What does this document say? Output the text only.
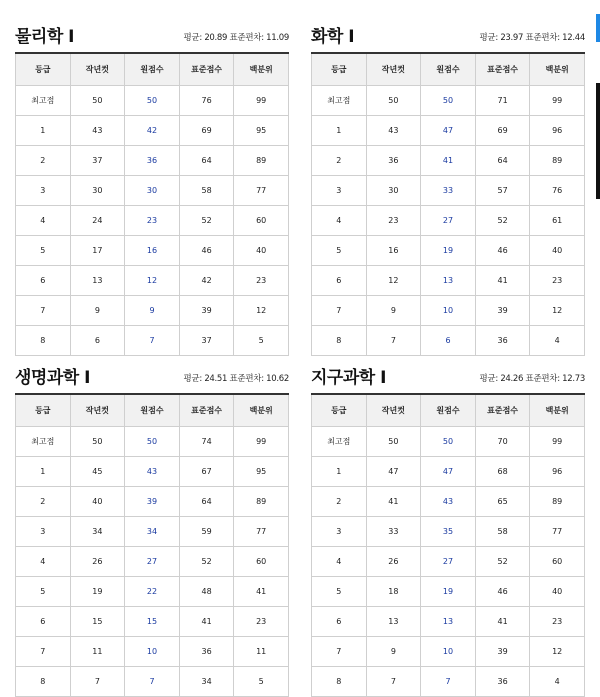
물리학 Ⅰ	평균: 20.89 표준편차: 11.09
등급	작년컷	원점수	표준점수	백분위
최고점	50	50	76	99
1	43	42	69	95
2	37	36	64	89
3	30	30	58	77
4	24	23	52	60
5	17	16	46	40
6	13	12	42	23
7	9	9	39	12
8	6	7	37	5
화학 Ⅰ	평균: 23.97 표준편차: 12.44
등급	작년컷	원점수	표준점수	백분위
최고점	50	50	71	99
1	43	47	69	96
2	36	41	64	89
3	30	33	57	76
4	23	27	52	61
5	16	19	46	40
6	12	13	41	23
7	9	10	39	12
8	7	6	36	4
생명과학 Ⅰ	평균: 24.51 표준편차: 10.62
등급	작년컷	원점수	표준점수	백분위
최고점	50	50	74	99
1	45	43	67	95
2	40	39	64	89
3	34	34	59	77
4	26	27	52	60
5	19	22	48	41
6	15	15	41	23
7	11	10	36	11
8	7	7	34	5
지구과학 Ⅰ	평균: 24.26 표준편차: 12.73
등급	작년컷	원점수	표준점수	백분위
최고점	50	50	70	99
1	47	47	68	96
2	41	43	65	89
3	33	35	58	77
4	26	27	52	60
5	18	19	46	40
6	13	13	41	23
7	9	10	39	12
8	7	7	36	4
